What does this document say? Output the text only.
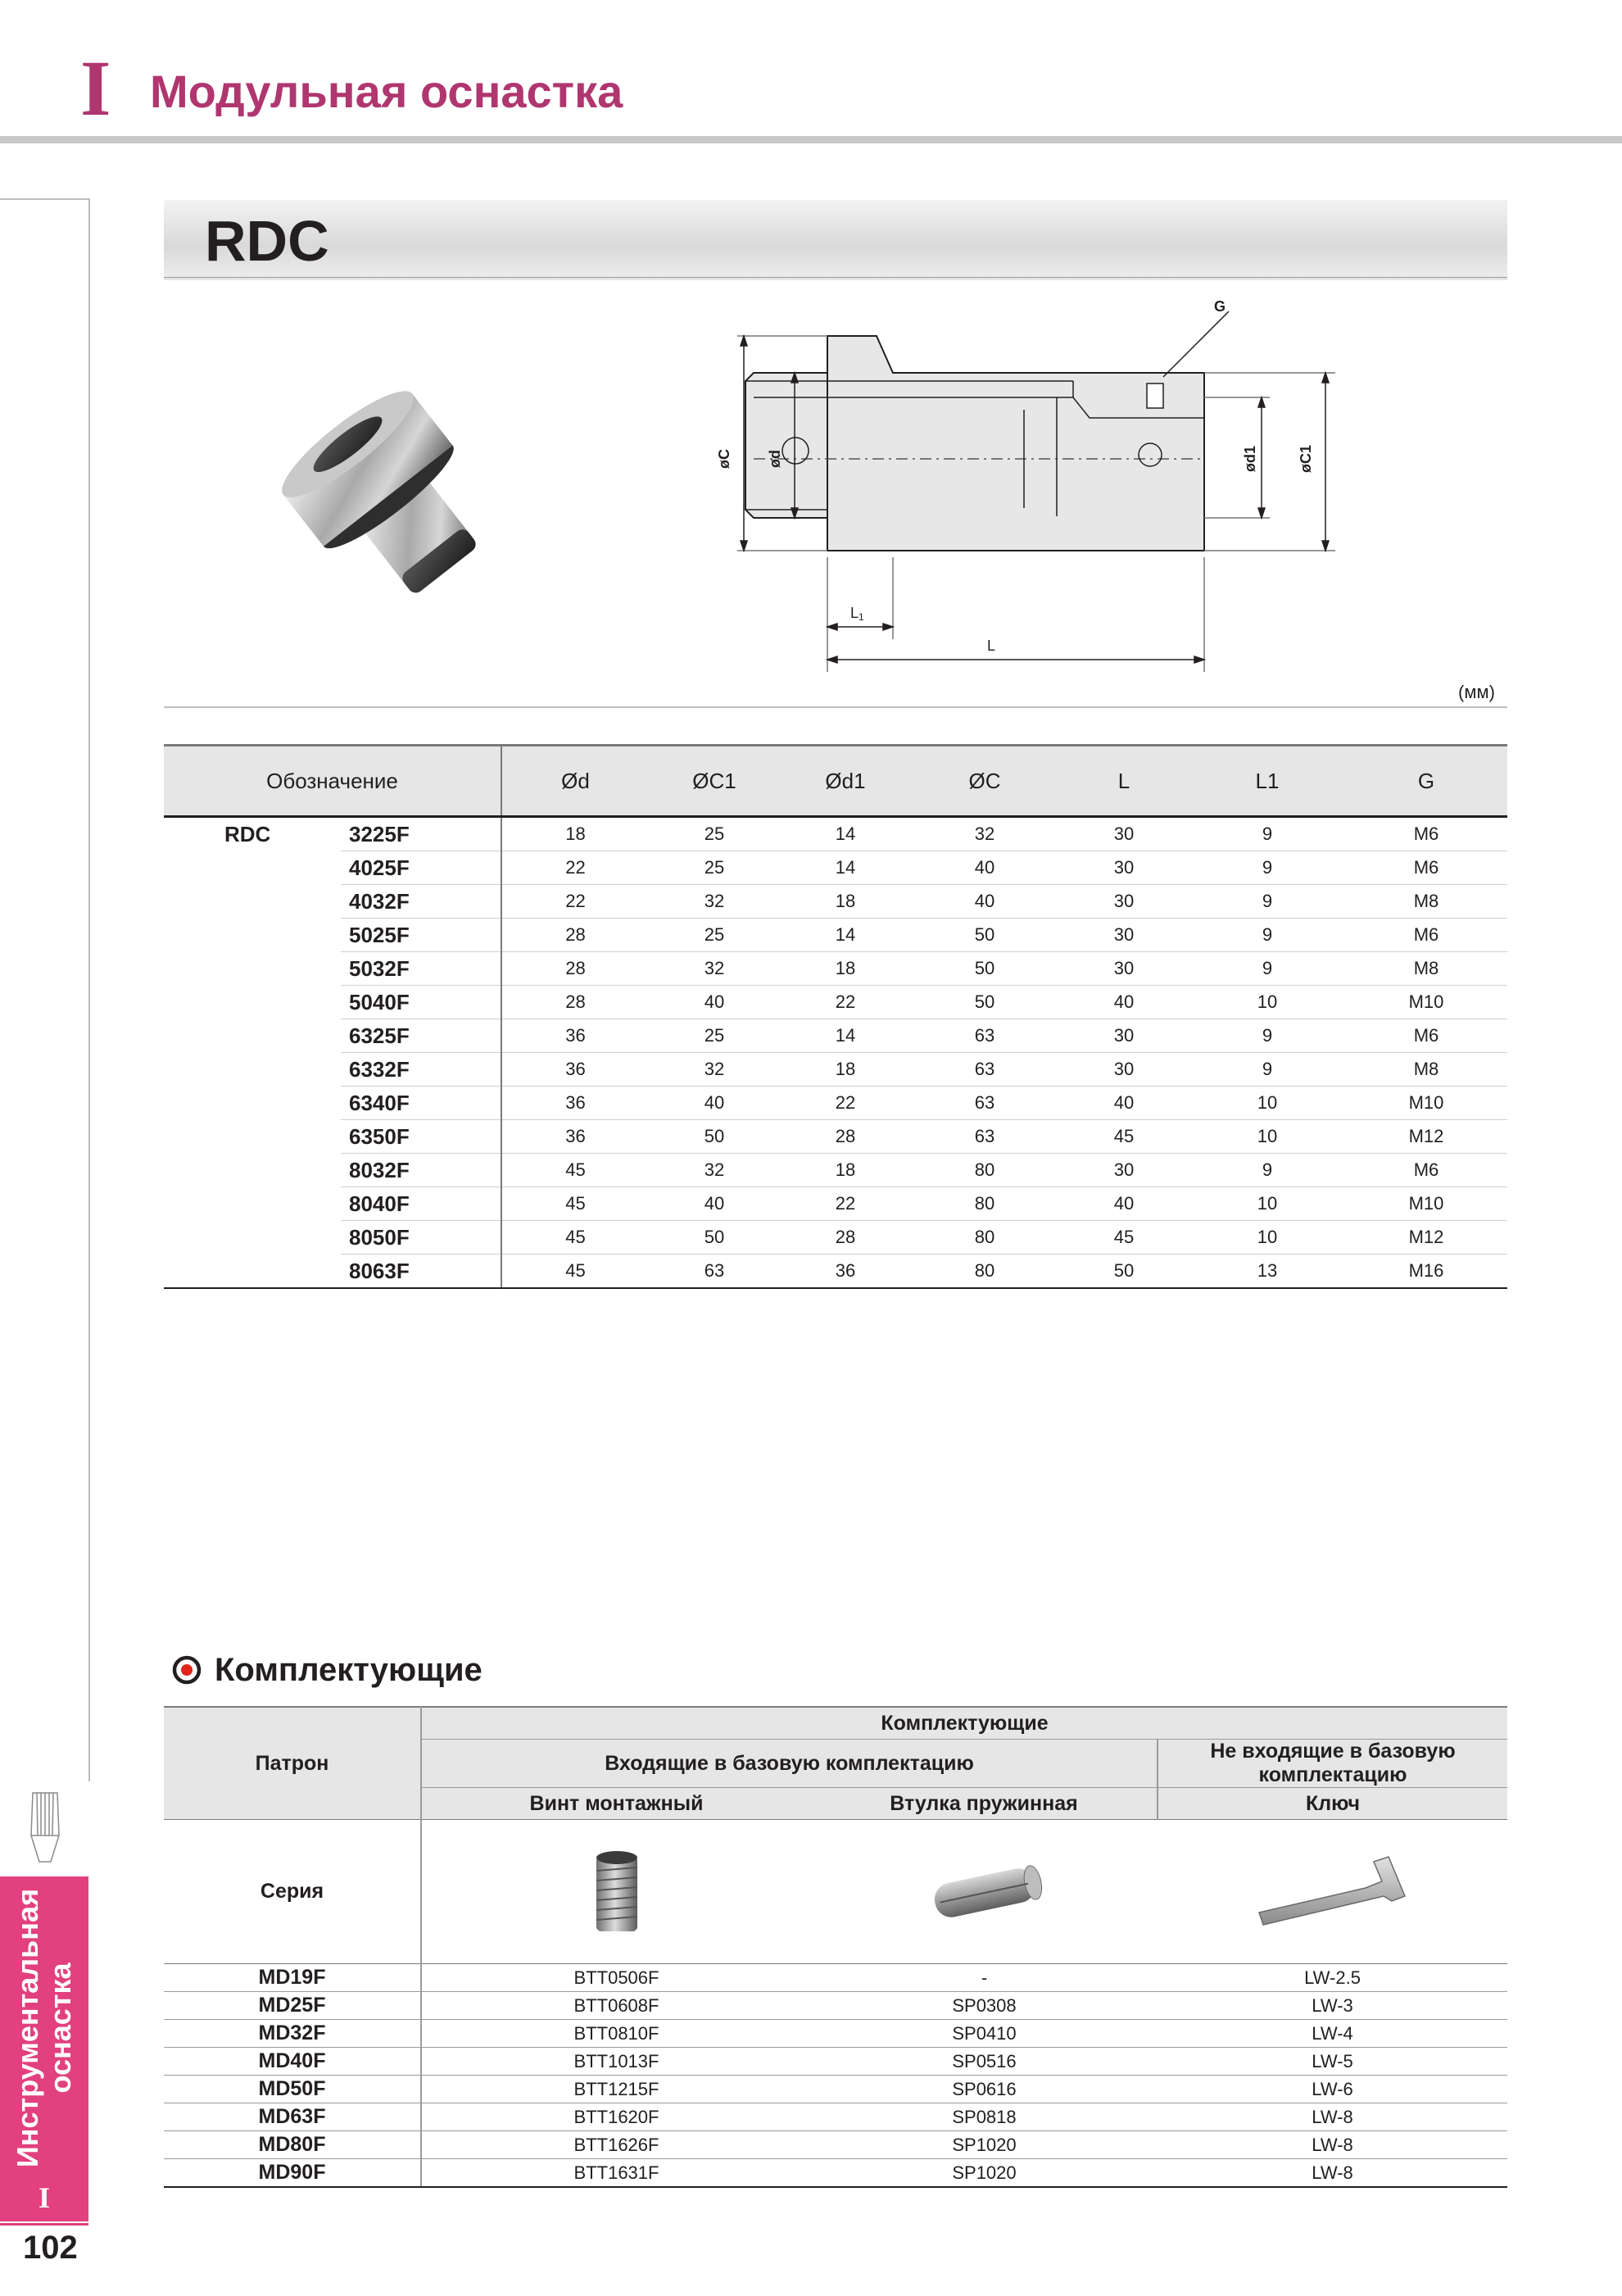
I Модульная оснастка
Инструментальная оснастка
I
102
RDC
G
øC ød	ød1	øC1
L1
L
(мм)
Обозначение		Ød	ØC1	Ød1	ØC	L	L1	G
RDC	3225F	18	25	14	32	30	9	M6
	4025F	22	25	14	40	30	9	M6
	4032F	22	32	18	40	30	9	M8
	5025F	28	25	14	50	30	9	M6
	5032F	28	32	18	50	30	9	M8
	5040F	28	40	22	50	40	10	M10
	6325F	36	25	14	63	30	9	M6
	6332F	36	32	18	63	30	9	M8
	6340F	36	40	22	63	40	10	M10
	6350F	36	50	28	63	45	10	M12
	8032F	45	32	18	80	30	9	M6
	8040F	45	40	22	80	40	10	M10
	8050F	45	50	28	80	45	10	M12
	8063F	45	63	36	80	50	13	M16
Комплектующие
Патрон	Комплектующие		
	Входящие в базовую комплектацию		Не входящие в базовую комплектацию
	Винт монтажный	Втулка пружинная	Ключ
Серия	

MD19F	BTT0506F	-	LW-2.5
MD25F	BTT0608F	SP0308	LW-3
MD32F	BTT0810F	SP0410	LW-4
MD40F	BTT1013F	SP0516	LW-5
MD50F	BTT1215F	SP0616	LW-6
MD63F	BTT1620F	SP0818	LW-8
MD80F	BTT1626F	SP1020	LW-8
MD90F	BTT1631F	SP1020	LW-8
